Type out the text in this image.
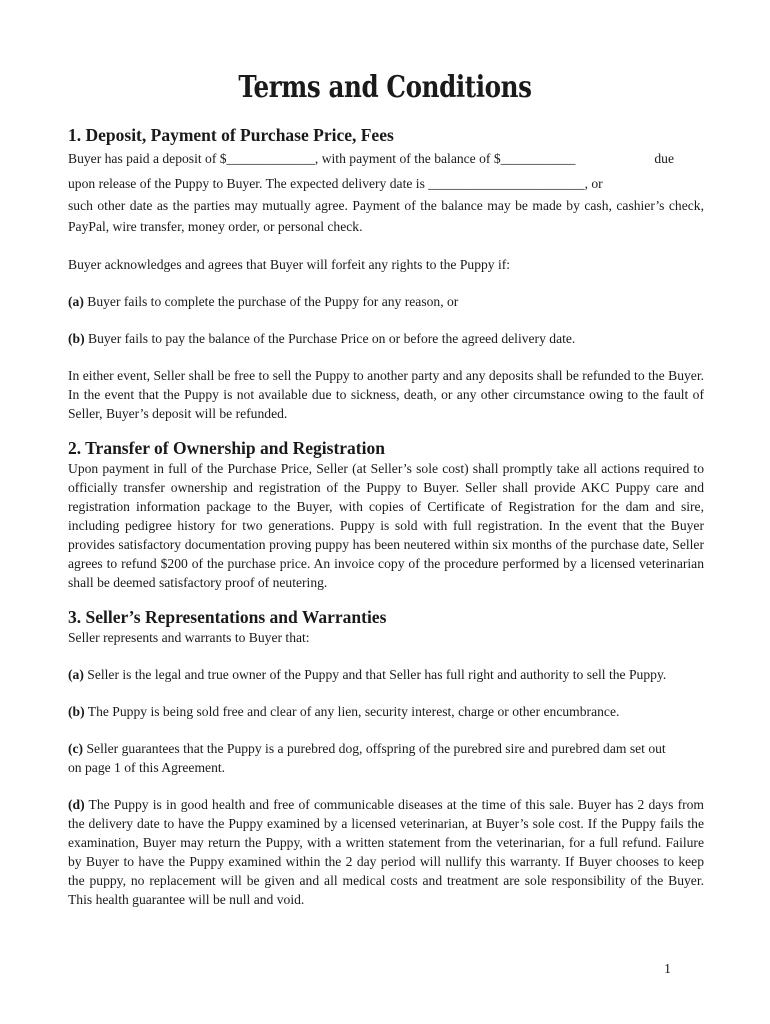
Terms and Conditions
1. Deposit, Payment of Purchase Price, Fees
Buyer has paid a deposit of $_____________, with payment of the balance of $___________	due
upon release of the Puppy to Buyer. The expected delivery date is _______________________, or
such other date as the parties may mutually agree. Payment of the balance may be made by cash, cashier’s check, PayPal, wire transfer, money order, or personal check.
Buyer acknowledges and agrees that Buyer will forfeit any rights to the Puppy if:
(a) Buyer fails to complete the purchase of the Puppy for any reason, or
(b) Buyer fails to pay the balance of the Purchase Price on or before the agreed delivery date.
In either event, Seller shall be free to sell the Puppy to another party and any deposits shall be refunded to the Buyer. In the event that the Puppy is not available due to sickness, death, or any other circumstance owing to the fault of Seller, Buyer’s deposit will be refunded.
2. Transfer of Ownership and Registration
Upon payment in full of the Purchase Price, Seller (at Seller’s sole cost) shall promptly take all actions required to officially transfer ownership and registration of the Puppy to Buyer. Seller shall provide AKC Puppy care and registration information package to the Buyer, with copies of Certificate of Registration for the dam and sire, including pedigree history for two generations. Puppy is sold with full registration. In the event that the Buyer provides satisfactory documentation proving puppy has been neutered within six months of the purchase date, Seller agrees to refund $200 of the purchase price. An invoice copy of the procedure performed by a licensed veterinarian shall be deemed satisfactory proof of neutering.
3. Seller’s Representations and Warranties
Seller represents and warrants to Buyer that:
(a) Seller is the legal and true owner of the Puppy and that Seller has full right and authority to sell the Puppy.
(b) The Puppy is being sold free and clear of any lien, security interest, charge or other encumbrance.
(c) Seller guarantees that the Puppy is a purebred dog, offspring of the purebred sire and purebred dam set out on page 1 of this Agreement.
(d) The Puppy is in good health and free of communicable diseases at the time of this sale. Buyer has 2 days from the delivery date to have the Puppy examined by a licensed veterinarian, at Buyer’s sole cost. If the Puppy fails the examination, Buyer may return the Puppy, with a written statement from the veterinarian, for a full refund. Failure by Buyer to have the Puppy examined within the 2 day period will nullify this warranty. If Buyer chooses to keep the puppy, no replacement will be given and all medical costs and treatment are sole responsibility of the Buyer. This health guarantee will be null and void.
1
